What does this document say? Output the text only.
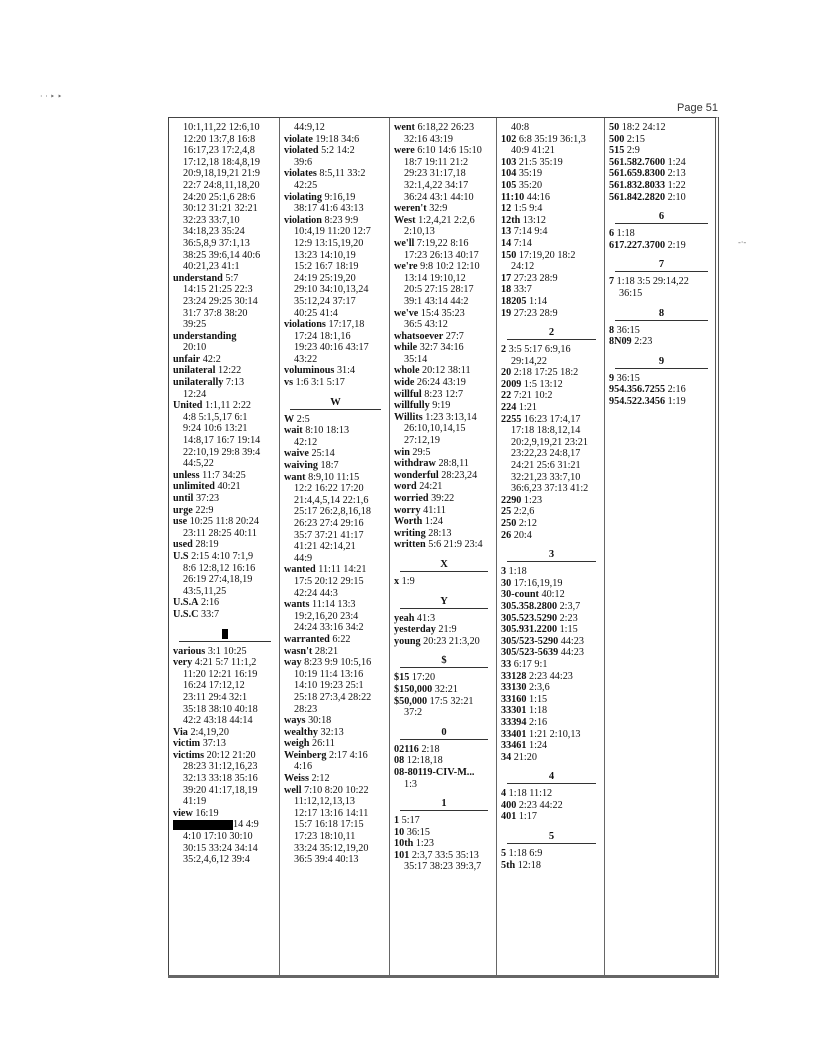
Page 51
· · ‣ ‣
-·-
10:1,11,22 12:6,10
12:20 13:7,8 16:8
16:17,23 17:2,4,8
17:12,18 18:4,8,19
20:9,18,19,21 21:9
22:7 24:8,11,18,20
24:20 25:1,6 28:6
30:12 31:21 32:21
32:23 33:7,10
34:18,23 35:24
36:5,8,9 37:1,13
38:25 39:6,14 40:6
40:21,23 41:1
understand 5:7
14:15 21:25 22:3
23:24 29:25 30:14
31:7 37:8 38:20
39:25
understanding
20:10
unfair 42:2
unilateral 12:22
unilaterally 7:13
12:24
United 1:1,11 2:22
4:8 5:1,5,17 6:1
9:24 10:6 13:21
14:8,17 16:7 19:14
22:10,19 29:8 39:4
44:5,22
unless 11:7 34:25
unlimited 40:21
until 37:23
urge 22:9
use 10:25 11:8 20:24
23:11 28:25 40:11
used 28:19
U.S 2:15 4:10 7:1,9
8:6 12:8,12 16:16
26:19 27:4,18,19
43:5,11,25
U.S.A 2:16
U.S.C 33:7
various 3:1 10:25
very 4:21 5:7 11:1,2
11:20 12:21 16:19
16:24 17:12,12
23:11 29:4 32:1
35:18 38:10 40:18
42:2 43:18 44:14
Via 2:4,19,20
victim 37:13
victims 20:12 21:20
28:23 31:12,16,23
32:13 33:18 35:16
39:20 41:17,18,19
41:19
view 16:19
14 4:9
4:10 17:10 30:10
30:15 33:24 34:14
35:2,4,6,12 39:4
44:9,12
violate 19:18 34:6
violated 5:2 14:2
39:6
violates 8:5,11 33:2
42:25
violating 9:16,19
38:17 41:6 43:13
violation 8:23 9:9
10:4,19 11:20 12:7
12:9 13:15,19,20
13:23 14:10,19
15:2 16:7 18:19
24:19 25:19,20
29:10 34:10,13,24
35:12,24 37:17
40:25 41:4
violations 17:17,18
17:24 18:1,16
19:23 40:16 43:17
43:22
voluminous 31:4
vs 1:6 3:1 5:17
W
W 2:5
wait 8:10 18:13
42:12
waive 25:14
waiving 18:7
want 8:9,10 11:15
12:2 16:22 17:20
21:4,4,5,14 22:1,6
25:17 26:2,8,16,18
26:23 27:4 29:16
35:7 37:21 41:17
41:21 42:14,21
44:9
wanted 11:11 14:21
17:5 20:12 29:15
42:24 44:3
wants 11:14 13:3
19:2,16,20 23:4
24:24 33:16 34:2
warranted 6:22
wasn't 28:21
way 8:23 9:9 10:5,16
10:19 11:4 13:16
14:10 19:23 25:1
25:18 27:3,4 28:22
28:23
ways 30:18
wealthy 32:13
weigh 26:11
Weinberg 2:17 4:16
4:16
Weiss 2:12
well 7:10 8:20 10:22
11:12,12,13,13
12:17 13:16 14:11
15:7 16:18 17:15
17:23 18:10,11
33:24 35:12,19,20
36:5 39:4 40:13
went 6:18,22 26:23
32:16 43:19
were 6:10 14:6 15:10
18:7 19:11 21:2
29:23 31:17,18
32:1,4,22 34:17
36:24 43:1 44:10
weren't 32:9
West 1:2,4,21 2:2,6
2:10,13
we'll 7:19,22 8:16
17:23 26:13 40:17
we're 9:8 10:2 12:10
13:14 19:10,12
20:5 27:15 28:17
39:1 43:14 44:2
we've 15:4 35:23
36:5 43:12
whatsoever 27:7
while 32:7 34:16
35:14
whole 20:12 38:11
wide 26:24 43:19
willful 8:23 12:7
willfully 9:19
Willits 1:23 3:13,14
26:10,10,14,15
27:12,19
win 29:5
withdraw 28:8,11
wonderful 28:23,24
word 24:21
worried 39:22
worry 41:11
Worth 1:24
writing 28:13
written 5:6 21:9 23:4
X
x 1:9
Y
yeah 41:3
yesterday 21:9
young 20:23 21:3,20
$
$15 17:20
$150,000 32:21
$50,000 17:5 32:21
37:2
0
02116 2:18
08 12:18,18
08-80119-CIV-M...
1:3
1
1 5:17
10 36:15
10th 1:23
101 2:3,7 33:5 35:13
35:17 38:23 39:3,7
40:8
102 6:8 35:19 36:1,3
40:9 41:21
103 21:5 35:19
104 35:19
105 35:20
11:10 44:16
12 1:5 9:4
12th 13:12
13 7:14 9:4
14 7:14
150 17:19,20 18:2
24:12
17 27:23 28:9
18 33:7
18205 1:14
19 27:23 28:9
2
2 3:5 5:17 6:9,16
29:14,22
20 2:18 17:25 18:2
2009 1:5 13:12
22 7:21 10:2
224 1:21
2255 16:23 17:4,17
17:18 18:8,12,14
20:2,9,19,21 23:21
23:22,23 24:8,17
24:21 25:6 31:21
32:21,23 33:7,10
36:6,23 37:13 41:2
2290 1:23
25 2:2,6
250 2:12
26 20:4
3
3 1:18
30 17:16,19,19
30-count 40:12
305.358.2800 2:3,7
305.523.5290 2:23
305.931.2200 1:15
305/523-5290 44:23
305/523-5639 44:23
33 6:17 9:1
33128 2:23 44:23
33130 2:3,6
33160 1:15
33301 1:18
33394 2:16
33401 1:21 2:10,13
33461 1:24
34 21:20
4
4 1:18 11:12
400 2:23 44:22
401 1:17
5
5 1:18 6:9
5th 12:18
50 18:2 24:12
500 2:15
515 2:9
561.582.7600 1:24
561.659.8300 2:13
561.832.8033 1:22
561.842.2820 2:10
6
6 1:18
617.227.3700 2:19
7
7 1:18 3:5 29:14,22
36:15
8
8 36:15
8N09 2:23
9
9 36:15
954.356.7255 2:16
954.522.3456 1:19
